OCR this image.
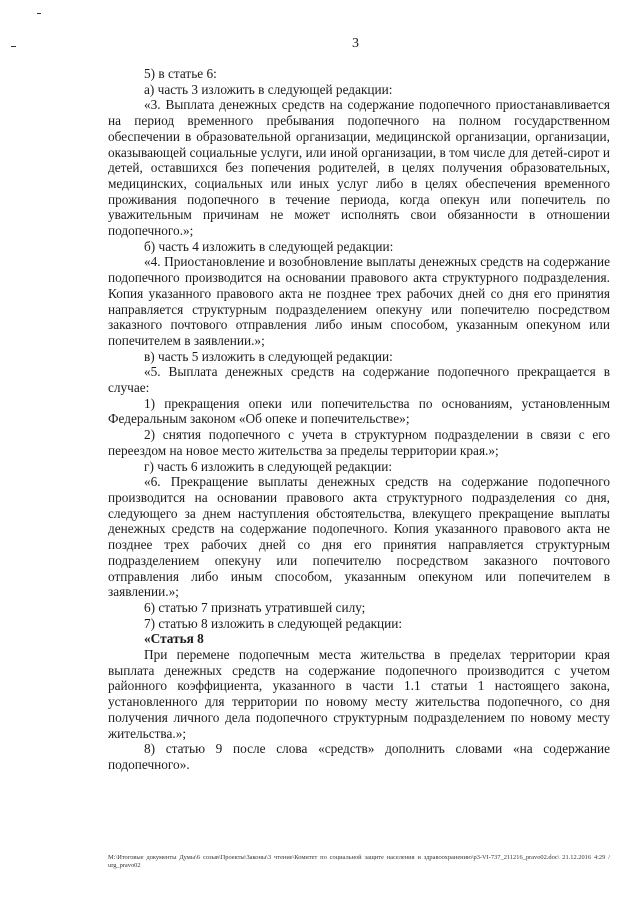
3

5) в статье 6:

а) часть 3 изложить в следующей редакции:

«3. Выплата денежных средств на содержание подопечного приостанавливается на период временного пребывания подопечного на полном государственном обеспечении в образовательной организации, медицинской организации, организации, оказывающей социальные услуги, или иной организации, в том числе для детей-сирот и детей, оставшихся без попечения родителей, в целях получения образовательных, медицинских, социальных или иных услуг либо в целях обеспечения временного проживания подопечного в течение периода, когда опекун или попечитель по уважительным причинам не может исполнять свои обязанности в отношении подопечного.»;

б) часть 4 изложить в следующей редакции:

«4. Приостановление и возобновление выплаты денежных средств на содержание подопечного производится на основании правового акта структурного подразделения. Копия указанного правового акта не позднее трех рабочих дней со дня его принятия направляется структурным подразделением опекуну или попечителю посредством заказного почтового отправления либо иным способом, указанным опекуном или попечителем в заявлении.»;

в) часть 5 изложить в следующей редакции:

«5. Выплата денежных средств на содержание подопечного прекращается в случае:

1) прекращения опеки или попечительства по основаниям, установленным Федеральным законом «Об опеке и попечительстве»;

2) снятия подопечного с учета в структурном подразделении в связи с его переездом на новое место жительства за пределы территории края.»;

г) часть 6 изложить в следующей редакции:

«6. Прекращение выплаты денежных средств на содержание подопечного производится на основании правового акта структурного подразделения со дня, следующего за днем наступления обстоятельства, влекущего прекращение выплаты денежных средств на содержание подопечного. Копия указанного правового акта не позднее трех рабочих дней со дня его принятия направляется структурным подразделением опекуну или попечителю посредством заказного почтового отправления либо иным способом, указанным опекуном или попечителем в заявлении.»;

6) статью 7 признать утратившей силу;

7) статью 8 изложить в следующей редакции:

«Статья 8

При перемене подопечным места жительства в пределах территории края выплата денежных средств на содержание подопечного производится с учетом районного коэффициента, указанного в части 1.1 статьи 1 настоящего закона, установленного для территории по новому месту жительства подопечного, со дня получения личного дела подопечного структурным подразделением по новому месту жительства.»;

8) статью 9 после слова «средств» дополнить словами «на содержание подопечного».

M:\Итоговые документы Думы\6 созыв\Проекты\Законы\3 чтение\Комитет по социальной защите населения и здравоохранению\p3-VI-737_211216_pravo02.doc\ 21.12.2016 4:29 / urg_pravo02
